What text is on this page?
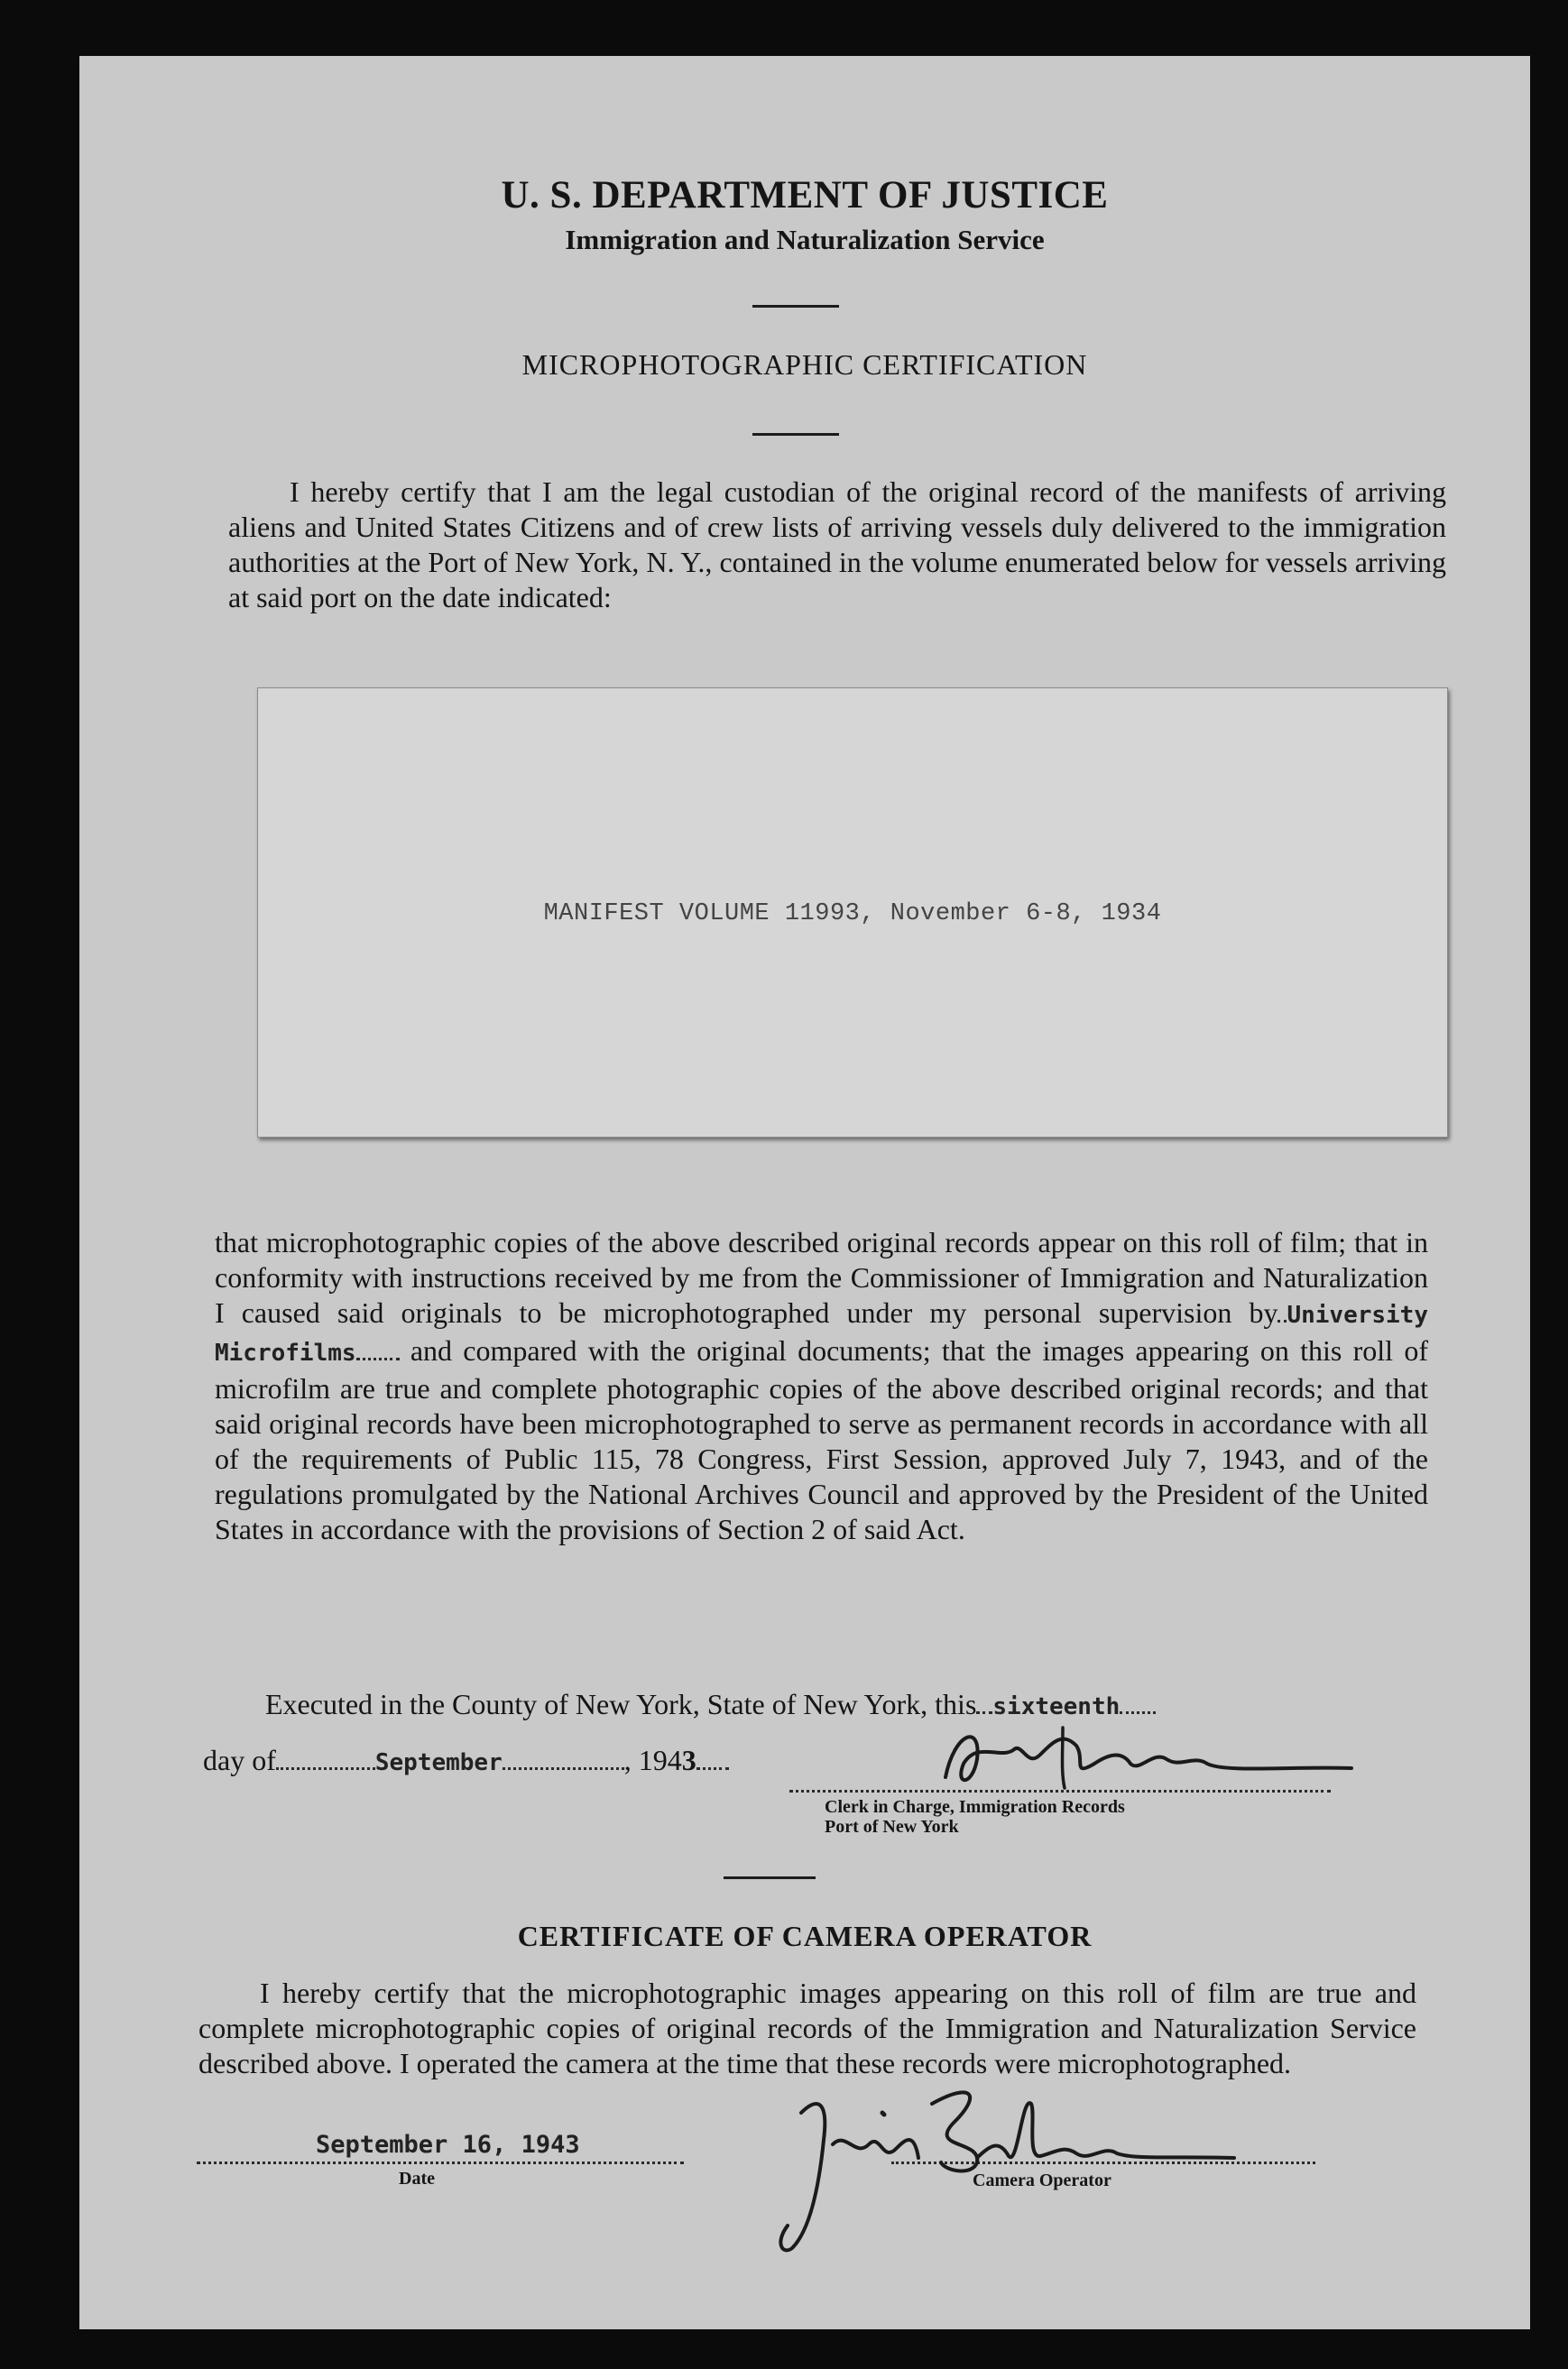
U. S. DEPARTMENT OF JUSTICE
Immigration and Naturalization Service
MICROPHOTOGRAPHIC CERTIFICATION

I hereby certify that I am the legal custodian of the original record of the manifests of arriving aliens and United States Citizens and of crew lists of arriving vessels duly delivered to the immigration authorities at the Port of New York, N. Y., contained in the volume enumerated below for vessels arriving at said port on the date indicated:

MANIFEST VOLUME 11993, November 6-8, 1934

that microphotographic copies of the above described original records appear on this roll of film; that in conformity with instructions received by me from the Commissioner of Immigration and Naturalization I caused said originals to be microphotographed under my personal supervision by University Microfilms and compared with the original documents; that the images appearing on this roll of microfilm are true and complete photographic copies of the above described original records; and that said original records have been microphotographed to serve as permanent records in accordance with all of the requirements of Public 115, 78 Congress, First Session, approved July 7, 1943, and of the regulations promulgated by the National Archives Council and approved by the President of the United States in accordance with the provisions of Section 2 of said Act.

Executed in the County of New York, State of New York, this sixteenth
day of	September	, 1943
Clerk in Charge, Immigration Records
Port of New York
CERTIFICATE OF CAMERA OPERATOR

I hereby certify that the microphotographic images appearing on this roll of film are true and complete microphotographic copies of original records of the Immigration and Naturalization Service described above. I operated the camera at the time that these records were microphotographed.

September 16, 1943
Date	Camera Operator
